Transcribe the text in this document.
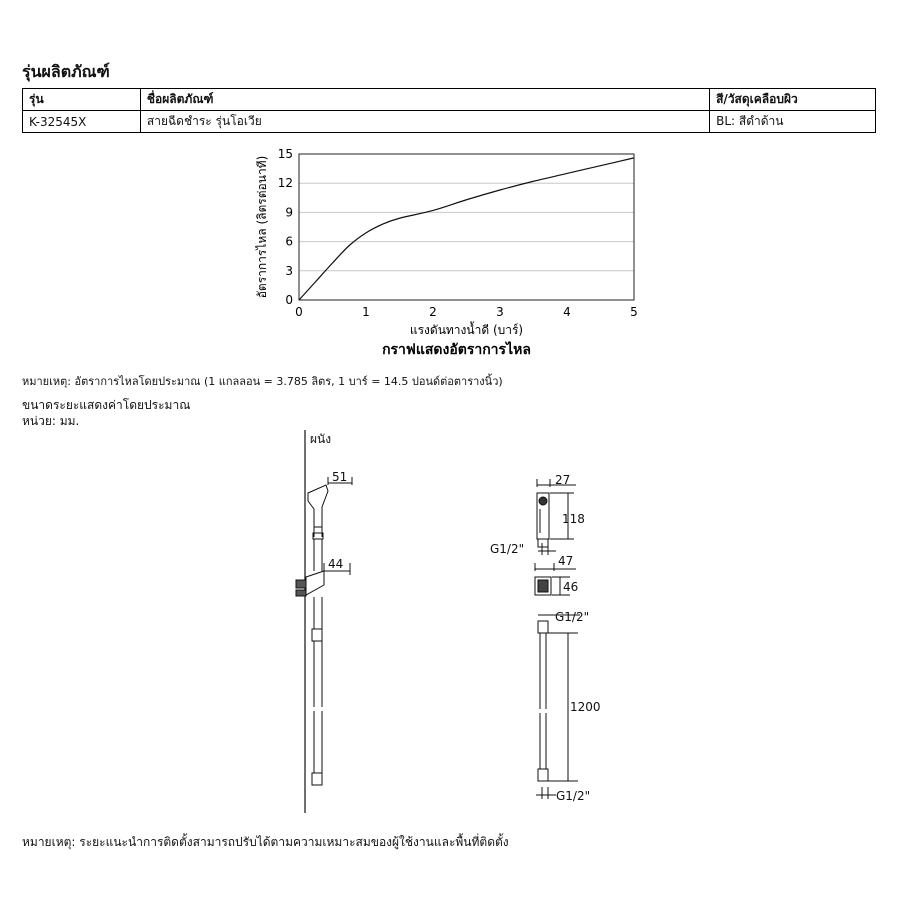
รุ่นผลิตภัณฑ์
รุ่น	ชื่อผลิตภัณฑ์	สี/วัสดุเคลือบผิว
K-32545X	สายฉีดชำระ รุ่นโอเวีย	BL: สีดำด้าน
0
3
6
9
12
15
0	1	2	3	4	5
อัตราการไหล (ลิตรต่อนาที)
แรงดันทางน้ำดี (บาร์)
กราฟแสดงอัตราการไหล
หมายเหตุ: อัตราการไหลโดยประมาณ (1 แกลลอน = 3.785 ลิตร, 1 บาร์ = 14.5 ปอนด์ต่อตารางนิ้ว)
ขนาดระยะแสดงค่าโดยประมาณ
หน่วย: มม.
ผนัง
51
44
27
118
G1/2"
47
46
G1/2"
1200
G1/2"
หมายเหตุ: ระยะแนะนำการติดตั้งสามารถปรับได้ตามความเหมาะสมของผู้ใช้งานและพื้นที่ติดตั้ง
